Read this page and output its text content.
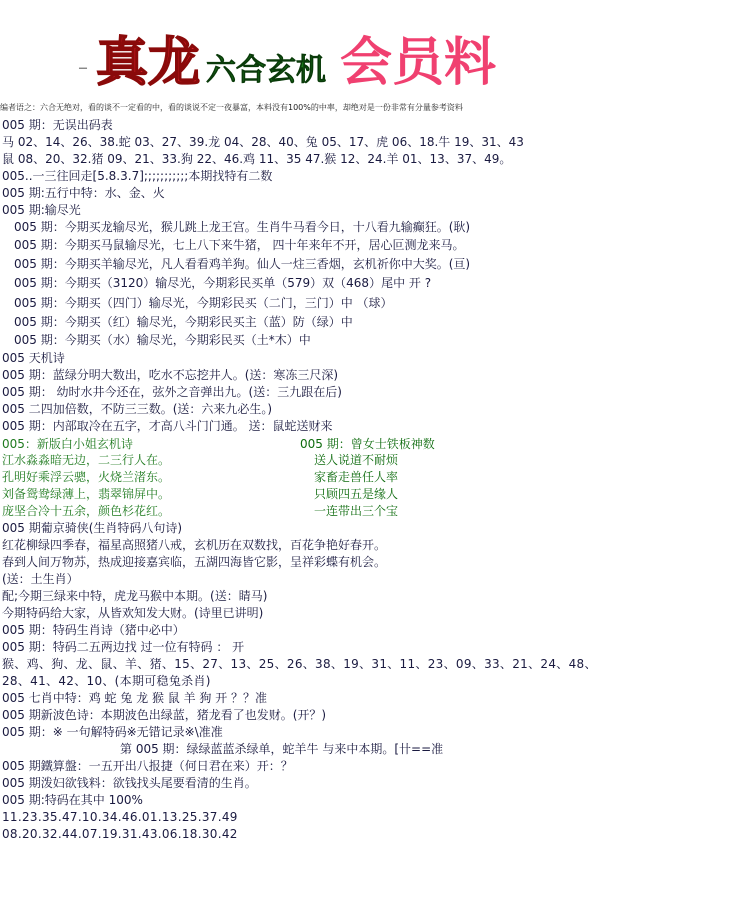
– 真龙 六合玄机 会员料
编者语之：六合无绝对，看的谈不一定看的中，看的谈说不定一夜暴富，本料没有100%的中率，却绝对是一份非常有分量参考资料
005 期：无误出码表
马 02、14、26、38.蛇 03、27、39.龙 04、28、40、兔 05、17、虎 06、18.牛 19、31、43
鼠 08、20、32.猪 09、21、33.狗 22、46.鸡 11、35 47.猴 12、24.羊 01、13、37、49。
005..一三往回走[5.8.3.7];;;;;;;;;;;本期找特有二数
005 期:五行中特：水、金、火
005 期:输尽光
005 期：今期买龙输尽光，猴儿跳上龙王宫。生肖牛马看今日，十八看九输癫狂。(耿)
005 期：今期买马鼠输尽光，七上八下来牛猪， 四十年来年不开，居心叵测龙来马。
005 期：今期买羊输尽光，凡人看看鸡羊狗。仙人一炷三香烟，玄机祈你中大奖。(亘)
005 期：今期买（3120）输尽光，今期彩民买单（579）双（468）尾中 开 ?
005 期：今期买（四门）输尽光，今期彩民买（二门，三门）中 （球）
005 期：今期买（红）输尽光，今期彩民买主（蓝）防（绿）中
005 期：今期买（水）输尽光，今期彩民买（土*木）中
005 天机诗
005 期：蓝绿分明大数出，吃水不忘挖井人。(送：寒冻三尺深)
005 期： 幼时水井今还在，弦外之音弹出九。(送：三九跟在后)
005 二四加倍数，不防三三数。(送：六来九必生。)
005 期：内部取冷在五字，才高八斗门门通。 送：鼠蛇送财来
005：新版白小姐玄机诗	005 期：曾女士铁板神数
江水淼淼暗无边，二三行人在。	送人说道不耐烦
孔明好乘浮云骢，火烧兰渚东。	家畜走兽任人率
刘备鸳鸯绿薄上，翡翠锦屏中。	只顾四五是缘人
庞坚合冷十五余，颜色杉花红。	一连带出三个宝
005 期葡京骑侠(生肖特码八句诗)
红花柳绿四季春，福星高照猪八戒，玄机历在双数找，百花争艳好春开。
春到人间万物苏，热成迎接嘉宾临，五湖四海皆它影，呈祥彩蝶有机会。
(送：土生肖）
配;今期三绿来中特，虎龙马猴中本期。(送：睛马)
今期特码给大家，从皆欢知发大财。(诗里已讲明)
005 期：特码生肖诗（猪中必中）
005 期：特码二五两边找 过一位有特码 ： 开
猴、鸡、狗、龙、鼠、羊、猪、15、27、13、25、26、38、19、31、11、23、09、33、21、24、48、
28、41、42、10、(本期可稳兔杀肖)
005 七肖中特：鸡 蛇 兔 龙 猴 鼠 羊 狗 开 ？？准
005 期新波色诗：本期波色出绿蓝，猪龙看了也发财。(开？)
005 期：※ 一句解特码※无错记录※\准准
第 005 期：绿绿蓝蓝杀绿单，蛇羊牛 与来中本期。[卄==准
005 期鐵算盤：一五开出八报捷（何日君在来）开：？
005 期泼妇欲钱料：欲钱找头尾要看清的生肖。
005 期:特码在其中 100%
11.23.35.47.10.34.46.01.13.25.37.49
08.20.32.44.07.19.31.43.06.18.30.42
